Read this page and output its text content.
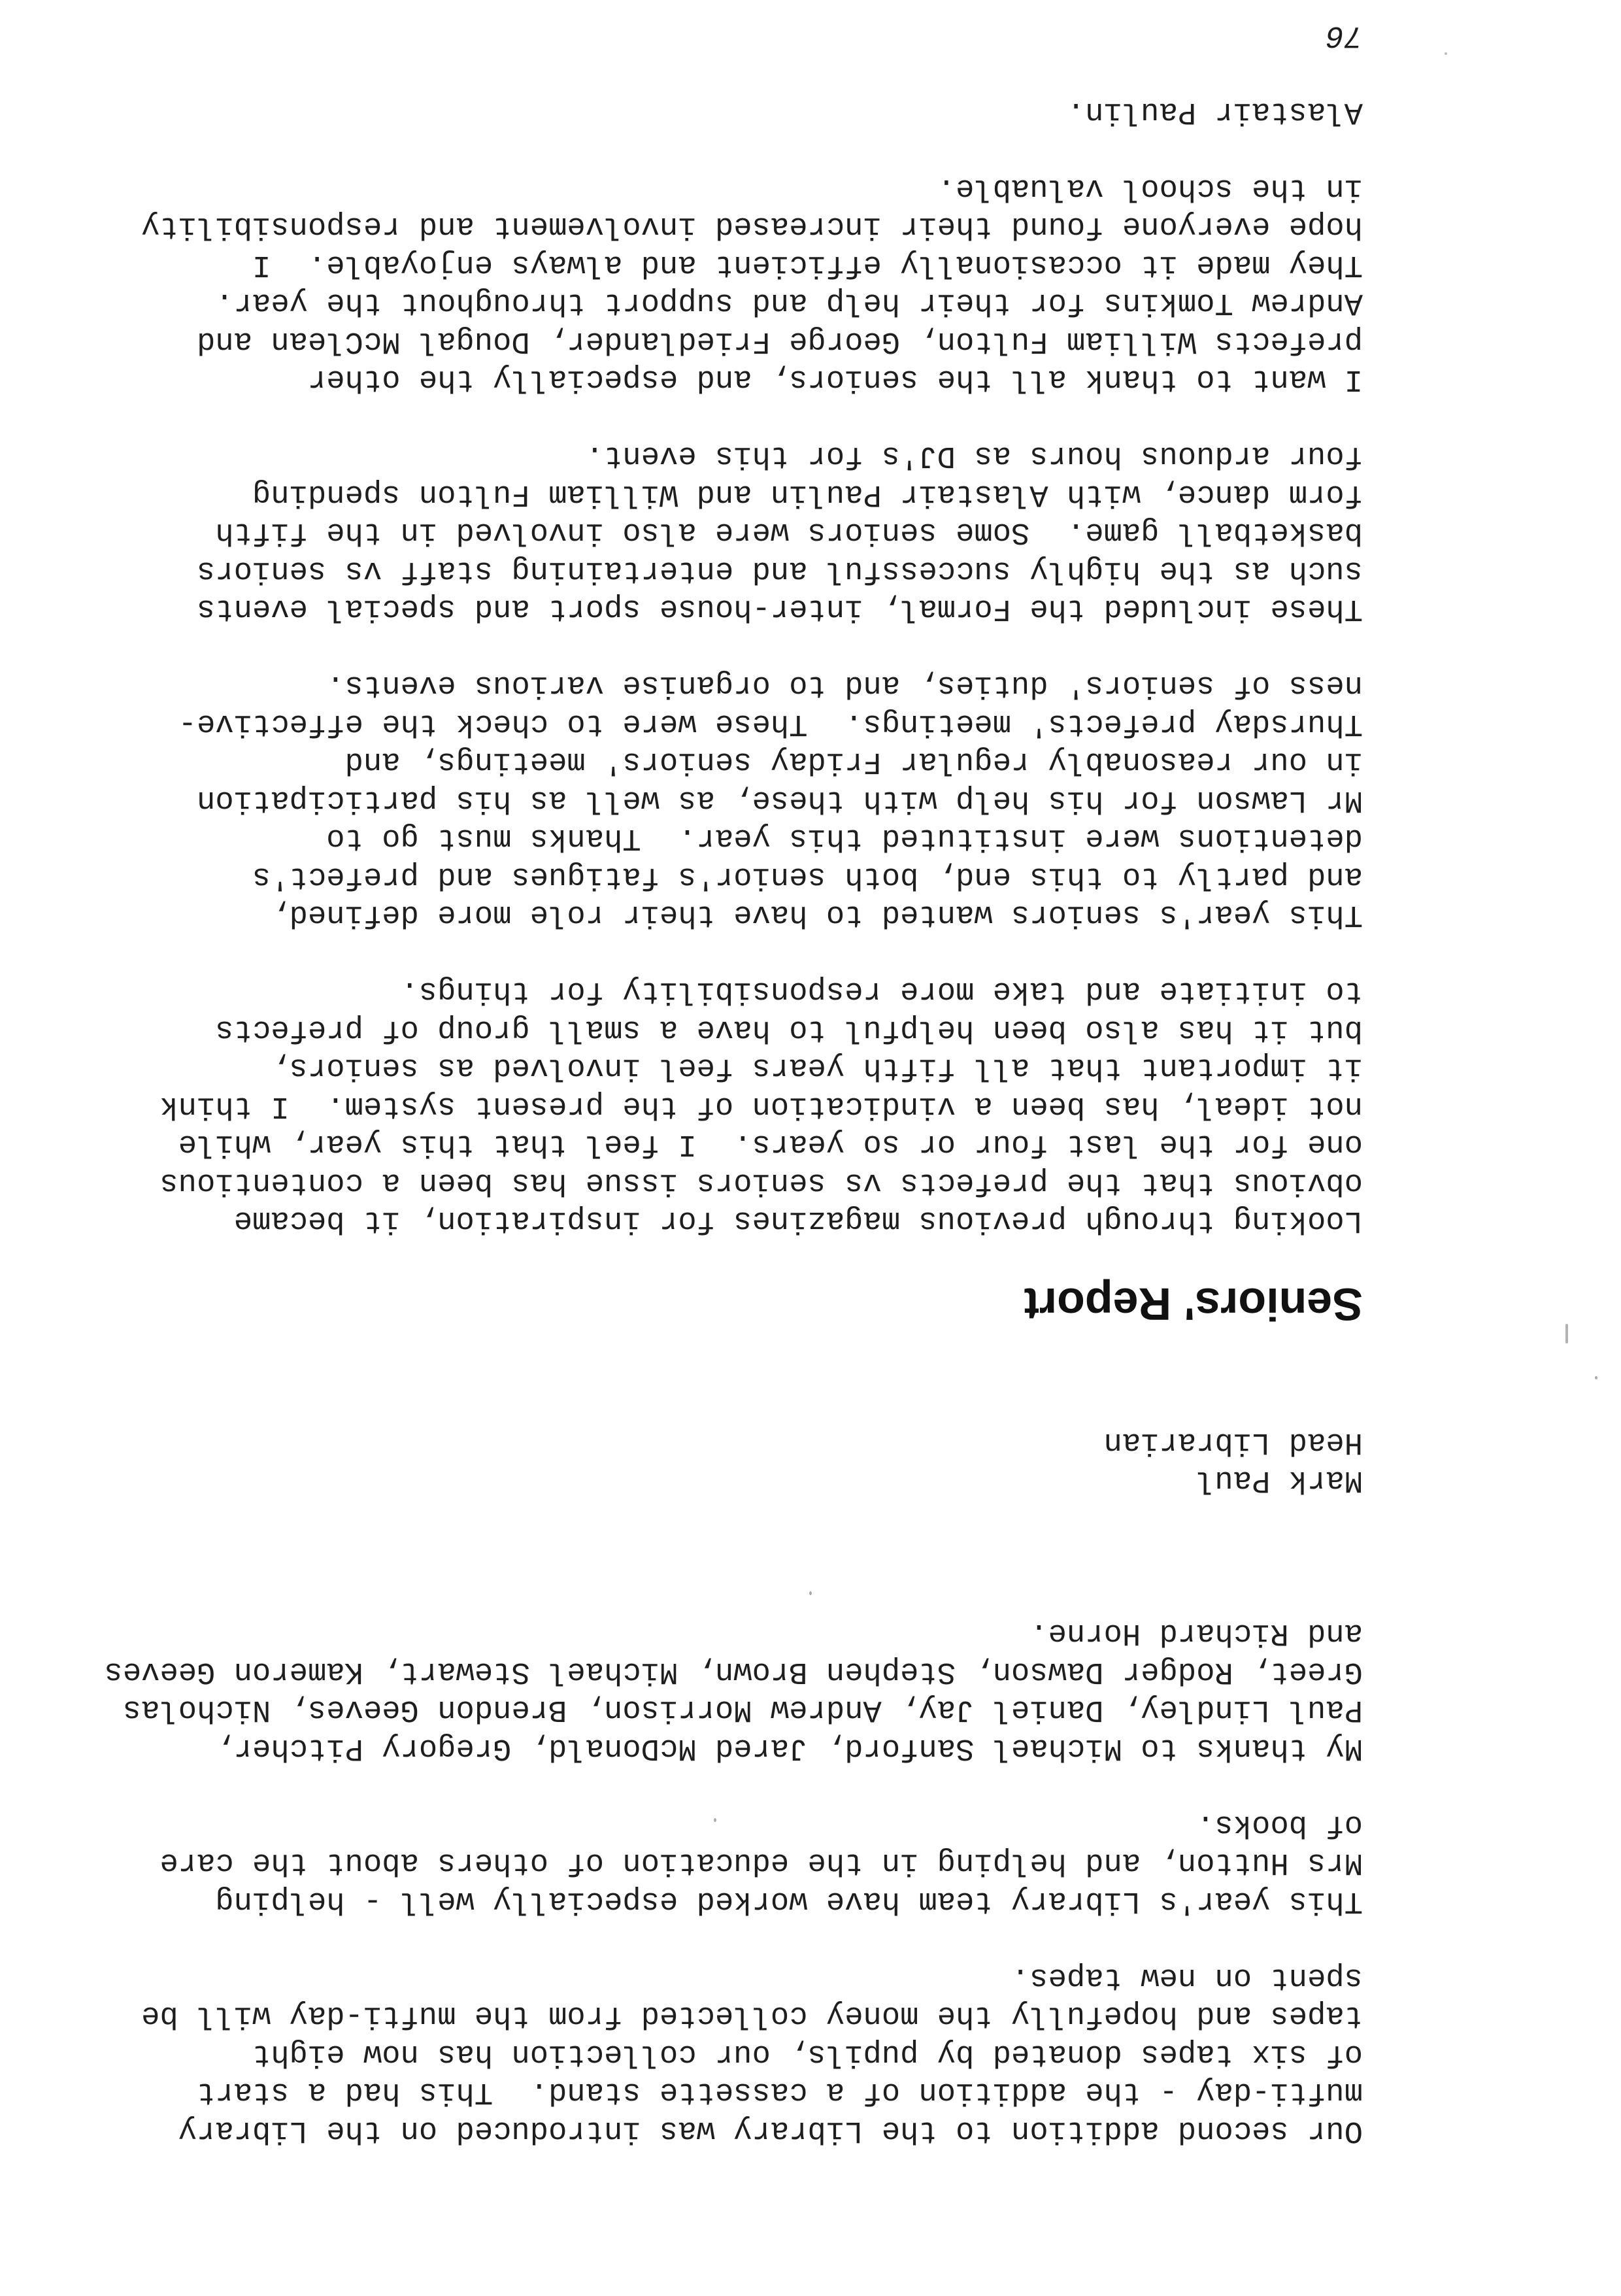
Our second addition to the Library was introduced on the Library
mufti-day - the addition of a cassette stand.  This had a start
of six tapes donated by pupils, our collection has now eight
tapes and hopefully the money collected from the mufti-day will be
spent on new tapes.
This year's Library team have worked especially well - helping
Mrs Hutton, and helping in the education of others about the care
of books.
My thanks to Michael Sanford, Jared McDonald, Gregory Pitcher,
Paul Lindley, Daniel Jay, Andrew Morrison, Brendon Geeves, Nicholas
Greet, Rodger Dawson, Stephen Brown, Michael Stewart, Kameron Geeves
and Richard Horne.
Mark Paul
Head Librarian
Seniors' Report
Looking through previous magazines for inspiration, it became
obvious that the prefects vs seniors issue has been a contentious
one for the last four or so years.  I feel that this year, while
not ideal, has been a vindication of the present system.  I think
it important that all fifth years feel involved as seniors,
but it has also been helpful to have a small group of prefects
to initiate and take more responsibility for things.
This year's seniors wanted to have their role more defined,
and partly to this end, both senior's fatigues and prefect's
detentions were instituted this year.  Thanks must go to
Mr Lawson for his help with these, as well as his participation
in our reasonably regular Friday seniors' meetings, and
Thursday prefects' meetings.  These were to check the effective-
ness of seniors' duties, and to organise various events.
These included the Formal, inter-house sport and special events
such as the highly successful and entertaining staff vs seniors
basketball game.  Some seniors were also involved in the fifth
form dance, with Alastair Paulin and William Fulton spending
four arduous hours as DJ's for this event.
I want to thank all the seniors, and especially the other
prefects William Fulton, George Friedlander, Dougal McClean and
Andrew Tomkins for their help and support throughout the year.
They made it occasionally efficient and always enjoyable.  I
hope everyone found their increased involvement and responsibility
in the school valuable.
Alastair Paulin.
76
